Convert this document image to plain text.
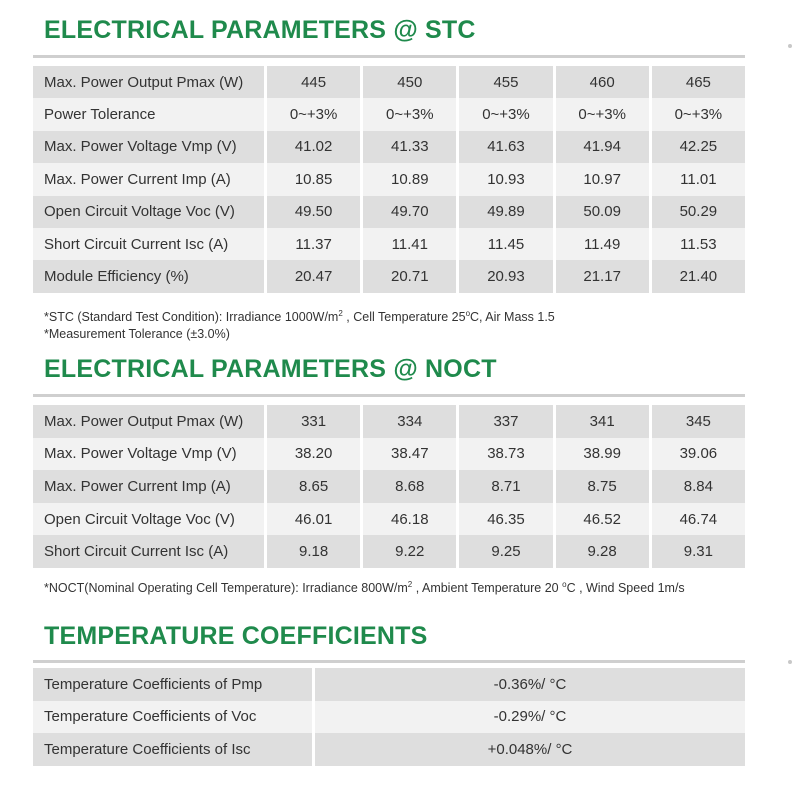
ELECTRICAL PARAMETERS @ STC
Max. Power Output Pmax (W)	445	450	455	460	465
Power Tolerance	0~+3%	0~+3%	0~+3%	0~+3%	0~+3%
Max. Power Voltage Vmp (V)	41.02	41.33	41.63	41.94	42.25
Max. Power Current Imp (A)	10.85	10.89	10.93	10.97	11.01
Open Circuit Voltage Voc (V)	49.50	49.70	49.89	50.09	50.29
Short Circuit Current Isc (A)	11.37	11.41	11.45	11.49	11.53
Module Efficiency (%)	20.47	20.71	20.93	21.17	21.40
*STC (Standard Test Condition): Irradiance $1000W/m^2$ , Cell Temperature 25$^o$C, Air Mass 1.5
*Measurement Tolerance (±3.0%)
ELECTRICAL PARAMETERS @ NOCT
Max. Power Output Pmax (W)	331	334	337	341	345
Max. Power Voltage Vmp (V)	38.20	38.47	38.73	38.99	39.06
Max. Power Current Imp (A)	8.65	8.68	8.71	8.75	8.84
Open Circuit Voltage Voc (V)	46.01	46.18	46.35	46.52	46.74
Short Circuit Current Isc (A)	9.18	9.22	9.25	9.28	9.31
*NOCT(Nominal Operating Cell Temperature): Irradiance $800W/m^2$ , Ambient Temperature 20 $^o$C , Wind Speed 1m/s
TEMPERATURE COEFFICIENTS
Temperature Coefficients of Pmp	-0.36%/ °C
Temperature Coefficients of Voc	-0.29%/ °C
Temperature Coefficients of Isc	+0.048%/ °C
